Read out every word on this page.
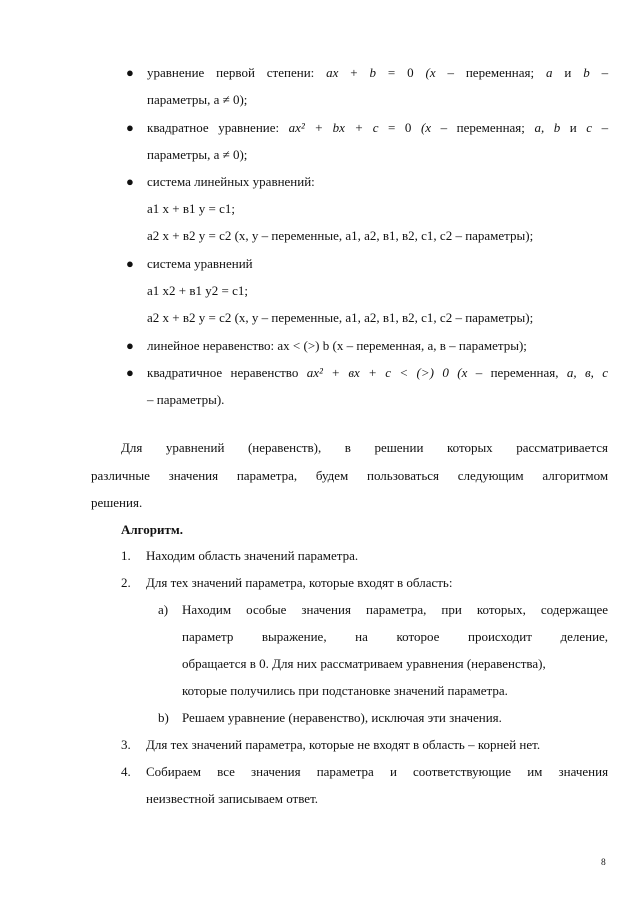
● уравнение первой степени: ax + b = 0 (x – переменная; a и b –
параметры, a ≠ 0);
● квадратное уравнение: ax² + bx + c = 0 (x – переменная; a, b и c –
параметры, a ≠ 0);
● система линейных уравнений:
a1 x + в1 y = c1;
a2 x + в2 y = c2 (x, y – переменные, a1, a2, в1, в2, c1, c2 – параметры);
● система уравнений
a1 x2 + в1 y2 = c1;
a2 x + в2 y = c2 (x, y – переменные, a1, a2, в1, в2, c1, c2 – параметры);
● линейное неравенство: ax < (>) b (x – переменная, a, в – параметры);
● квадратичное неравенство ax² + вx + c < (>) 0 (x – переменная, a, в, c
– параметры).
Для уравнений (неравенств), в решении которых рассматривается
различные значения параметра, будем пользоваться следующим алгоритмом
решения.
Алгоритм.
1. Находим область значений параметра.
2. Для тех значений параметра, которые входят в область:
a) Находим особые значения параметра, при которых, содержащее
параметр выражение, на которое происходит деление,
обращается в 0. Для них рассматриваем уравнения (неравенства),
которые получились при подстановке значений параметра.
b) Решаем уравнение (неравенство), исключая эти значения.
3. Для тех значений параметра, которые не входят в область – корней нет.
4. Собираем все значения параметра и соответствующие им значения
неизвестной записываем ответ.
8
